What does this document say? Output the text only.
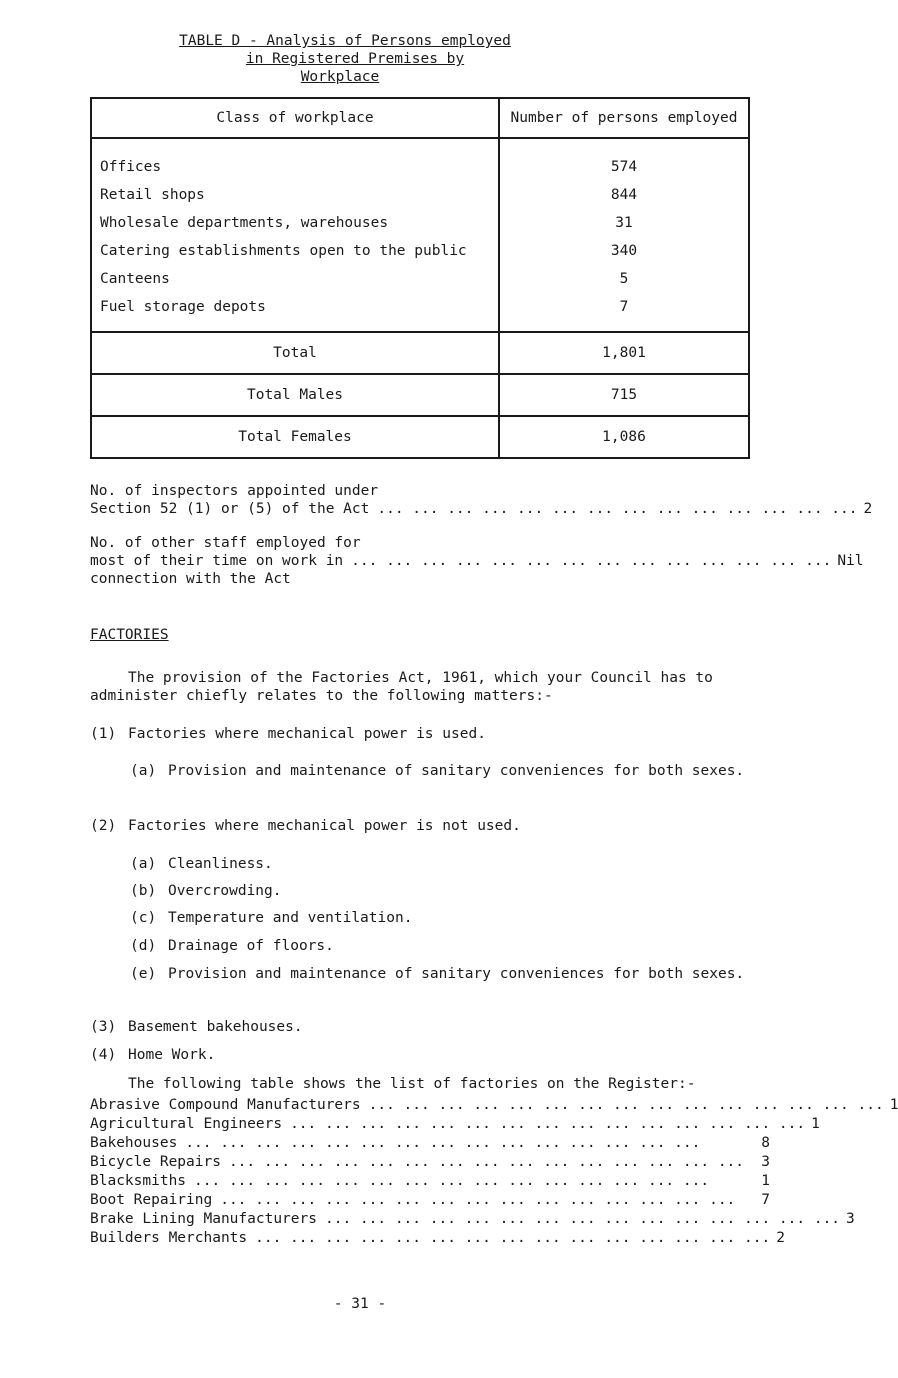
TABLE D - Analysis of Persons employed
in Registered Premises by
Workplace
Class of workplace	Number of persons employed
Offices	574
Retail shops	844
Wholesale departments, warehouses	31
Catering establishments open to the public	340
Canteens	5
Fuel storage depots	7
Total	1,801
Total Males	715
Total Females	1,086
No. of inspectors appointed under
Section 52 (1) or (5) of the Act ... ... ... ... ... ... ... ... ... ... ... ... ... ... 2
No. of other staff employed for
most of their time on work in ... ... ... ... ... ... ... ... ... ... ... ... ... ... Nil
connection with the Act
FACTORIES
The provision of the Factories Act, 1961, which your Council has to
administer chiefly relates to the following matters:-
(1) Factories where mechanical power is used.
(a) Provision and maintenance of sanitary conveniences for both sexes.
(2) Factories where mechanical power is not used.
(a) Cleanliness.
(b) Overcrowding.
(c) Temperature and ventilation.
(d) Drainage of floors.
(e) Provision and maintenance of sanitary conveniences for both sexes.
(3) Basement bakehouses.
(4) Home Work.
The following table shows the list of factories on the Register:-
Abrasive Compound Manufacturers ... ... ... ... ... ... ... ... ... ... ... ... ... ... ... 1
Agricultural Engineers ... ... ... ... ... ... ... ... ... ... ... ... ... ... ... 1
Bakehouses ... ... ... ... ... ... ... ... ... ... ... ... ... ... ...	8
Bicycle Repairs ... ... ... ... ... ... ... ... ... ... ... ... ... ... ...	3
Blacksmiths ... ... ... ... ... ... ... ... ... ... ... ... ... ... ...	1
Boot Repairing ... ... ... ... ... ... ... ... ... ... ... ... ... ... ...	7
Brake Lining Manufacturers ... ... ... ... ... ... ... ... ... ... ... ... ... ... ... 3
Builders Merchants ... ... ... ... ... ... ... ... ... ... ... ... ... ... ... 2
- 31 -
